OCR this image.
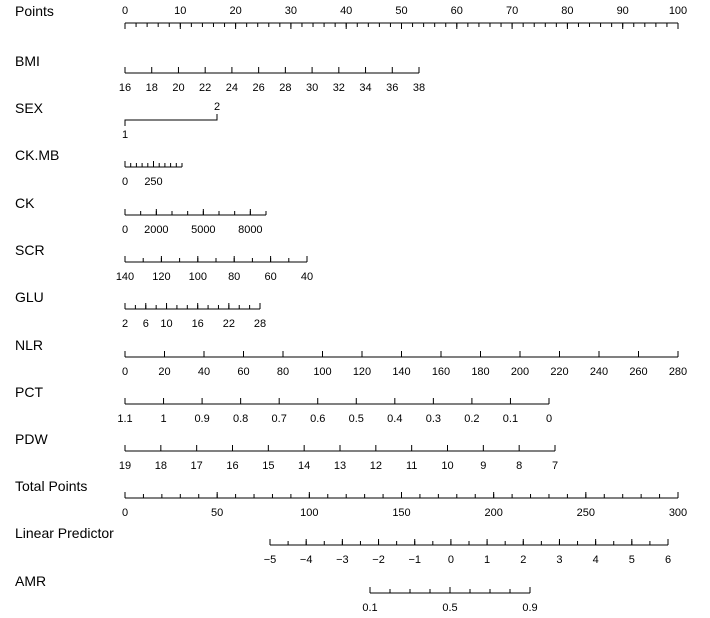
Points	0	10	20	30	40	50	60	70	80	90	100
BMI
16 18 20 22 24 26 28 30 32 34 36 38
SEX
1
2
CK.MB
0 250
CK
0 2000 5000 8000
SCR
140 120 100 80 60 40
GLU
2 6 10 16 22 28
NLR
0	20 40 60 80 100 120 140 160 180 200 220 240 260 280
PCT
1.1	1	0.9 0.8 0.7 0.6 0.5 0.4 0.3 0.2 0.1	0
PDW
19 18 17 16 15 14 13 12 11 10 9	8	7
Total Points
0	50	100	150	200	250	300
Linear Predictor
−5 −4 −3 −2 −1 0	1	2	3	4	5	6
AMR
0.1	0.5	0.9
